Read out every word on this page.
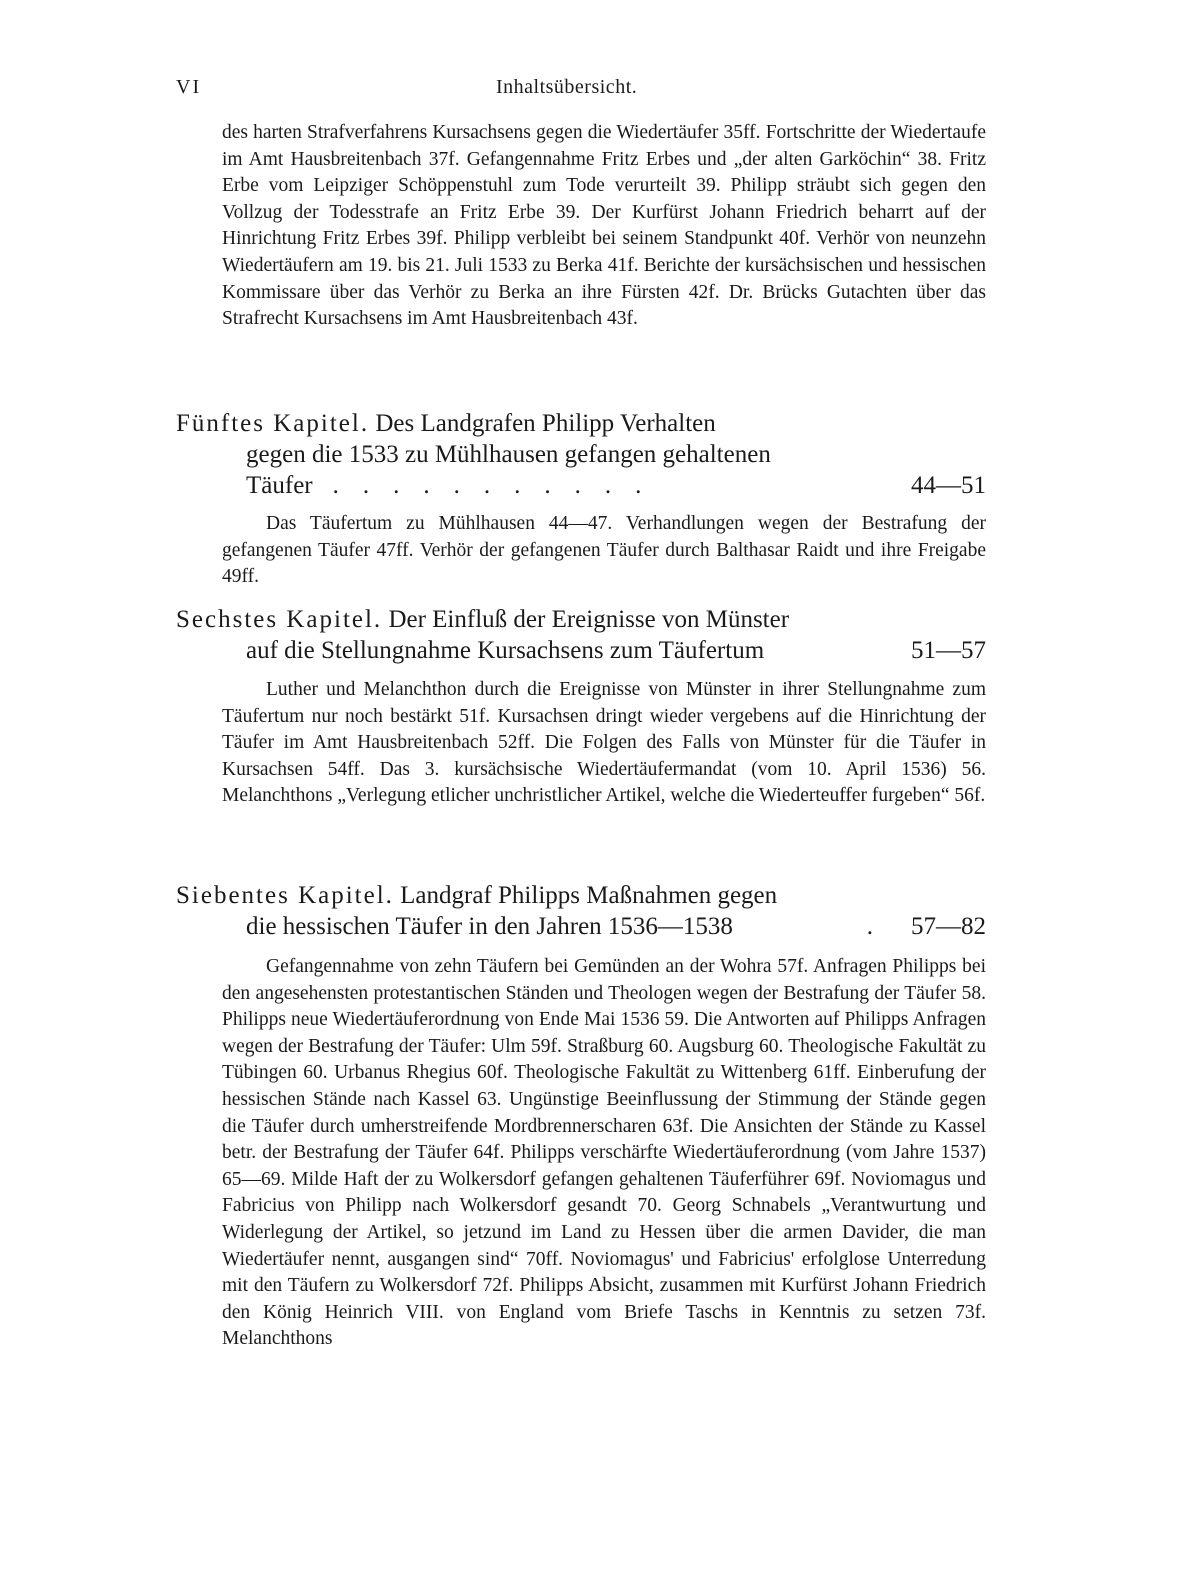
VI	Inhaltsübersicht.

des harten Strafverfahrens Kursachsens gegen die Wiedertäufer 35ff. Fortschritte der Wiedertaufe im Amt Hausbreitenbach 37f. Gefangennahme Fritz Erbes und „der alten Garköchin“ 38. Fritz Erbe vom Leipziger Schöppenstuhl zum Tode verurteilt 39. Philipp sträubt sich gegen den Vollzug der Todesstrafe an Fritz Erbe 39. Der Kurfürst Johann Friedrich beharrt auf der Hinrichtung Fritz Erbes 39f. Philipp verbleibt bei seinem Standpunkt 40f. Verhör von neunzehn Wiedertäufern am 19. bis 21. Juli 1533 zu Berka 41f. Berichte der kursächsischen und hessischen Kommissare über das Verhör zu Berka an ihre Fürsten 42f. Dr. Brücks Gutachten über das Strafrecht Kursachsens im Amt Hausbreitenbach 43f.

Fünftes Kapitel. Des Landgrafen Philipp Verhalten
gegen die 1533 zu Mühlhausen gefangen gehaltenen
Täufer ...........	44—51

Das Täufertum zu Mühlhausen 44—47. Verhandlungen wegen der Bestrafung der gefangenen Täufer 47ff. Verhör der gefangenen Täufer durch Balthasar Raidt und ihre Freigabe 49ff.

Sechstes Kapitel. Der Einfluß der Ereignisse von Münster
auf die Stellungnahme Kursachsens zum Täufertum	51—57

Luther und Melanchthon durch die Ereignisse von Münster in ihrer Stellungnahme zum Täufertum nur noch bestärkt 51f. Kursachsen dringt wieder vergebens auf die Hinrichtung der Täufer im Amt Hausbreitenbach 52ff. Die Folgen des Falls von Münster für die Täufer in Kursachsen 54ff. Das 3. kursächsische Wiedertäufermandat (vom 10. April 1536) 56. Melanchthons „Verlegung etlicher unchristlicher Artikel, welche die Wiederteuffer furgeben“ 56f.

Siebentes Kapitel. Landgraf Philipps Maßnahmen gegen
die hessischen Täufer in den Jahren 1536—1538	. 57—82

Gefangennahme von zehn Täufern bei Gemünden an der Wohra 57f. Anfragen Philipps bei den angesehensten protestantischen Ständen und Theologen wegen der Bestrafung der Täufer 58. Philipps neue Wiedertäuferordnung von Ende Mai 1536 59. Die Antworten auf Philipps Anfragen wegen der Bestrafung der Täufer: Ulm 59f. Straßburg 60. Augsburg 60. Theologische Fakultät zu Tübingen 60. Urbanus Rhegius 60f. Theologische Fakultät zu Wittenberg 61ff. Einberufung der hessischen Stände nach Kassel 63. Ungünstige Beeinflussung der Stimmung der Stände gegen die Täufer durch umherstreifende Mordbrennerscharen 63f. Die Ansichten der Stände zu Kassel betr. der Bestrafung der Täufer 64f. Philipps verschärfte Wiedertäuferordnung (vom Jahre 1537) 65—69. Milde Haft der zu Wolkersdorf gefangen gehaltenen Täuferführer 69f. Noviomagus und Fabricius von Philipp nach Wolkersdorf gesandt 70. Georg Schnabels „Verantwurtung und Widerlegung der Artikel, so jetzund im Land zu Hessen über die armen Davider, die man Wiedertäufer nennt, ausgangen sind“ 70ff. Noviomagus' und Fabricius' erfolglose Unterredung mit den Täufern zu Wolkersdorf 72f. Philipps Absicht, zusammen mit Kurfürst Johann Friedrich den König Heinrich VIII. von England vom Briefe Taschs in Kenntnis zu setzen 73f. Melanchthons
